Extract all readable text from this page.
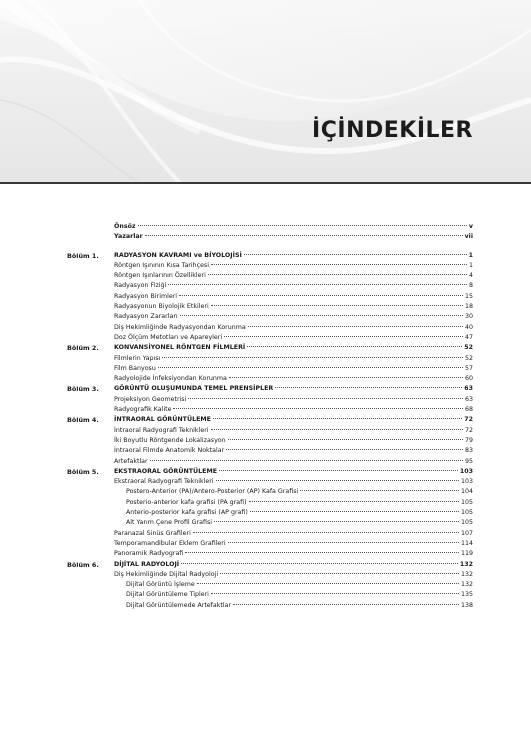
İÇİNDEKİLER
Önsöz	v
Yazarlar	vii
Bölüm 1. RADYASYON KAVRAMI ve BİYOLOJİSİ	1
Röntgen Işınının Kısa Tarihçesi	1
Röntgen Işınlarının Özellikleri	4
Radyasyon Fiziği	8
Radyasyon Birimleri	15
Radyasyonun Biyolojik Etkileri	18
Radyasyon Zararları	30
Diş Hekimliğinde Radyasyondan Korunma	40
Doz Ölçüm Metotları ve Apareyleri	47
Bölüm 2. KONVANSİYONEL RÖNTGEN FİLMLERİ	52
Filmlerin Yapısı	52
Film Banyosu	57
Radyolojide İnfeksiyondan Korunma	60
Bölüm 3. GÖRÜNTÜ OLUŞUMUNDA TEMEL PRENSİPLER	63
Projeksiyon Geometrisi	63
Radyografik Kalite	68
Bölüm 4. İNTRAORAL GÖRÜNTÜLEME	72
İntraoral Radyografi Teknikleri	72
İki Boyutlu Röntgende Lokalizasyon	79
İntraoral Filmde Anatomik Noktalar	83
Artefaktlar	95
Bölüm 5. EKSTRAORAL GÖRÜNTÜLEME	103
Ekstraoral Radyografi Teknikleri	103
Postero-Anterior (PA)/Antero-Posterior (AP) Kafa Grafisi	104
Posterio-anterior kafa grafisi (PA grafi)	105
Anterio-posterior kafa grafisi (AP grafi)	105
Alt Yarım Çene Profil Grafisi	105
Paranazal Sinüs Grafileri	107
Temporamandibular Eklem Grafileri	114
Panoramik Radyografi	119
Bölüm 6. DİJİTAL RADYOLOJİ	132
Diş Hekimliğinde Dijital Radyoloji	132
Dijital Görüntü İşleme	132
Dijital Görüntüleme Tipleri	135
Dijital Görüntülemede Artefaktlar	138
